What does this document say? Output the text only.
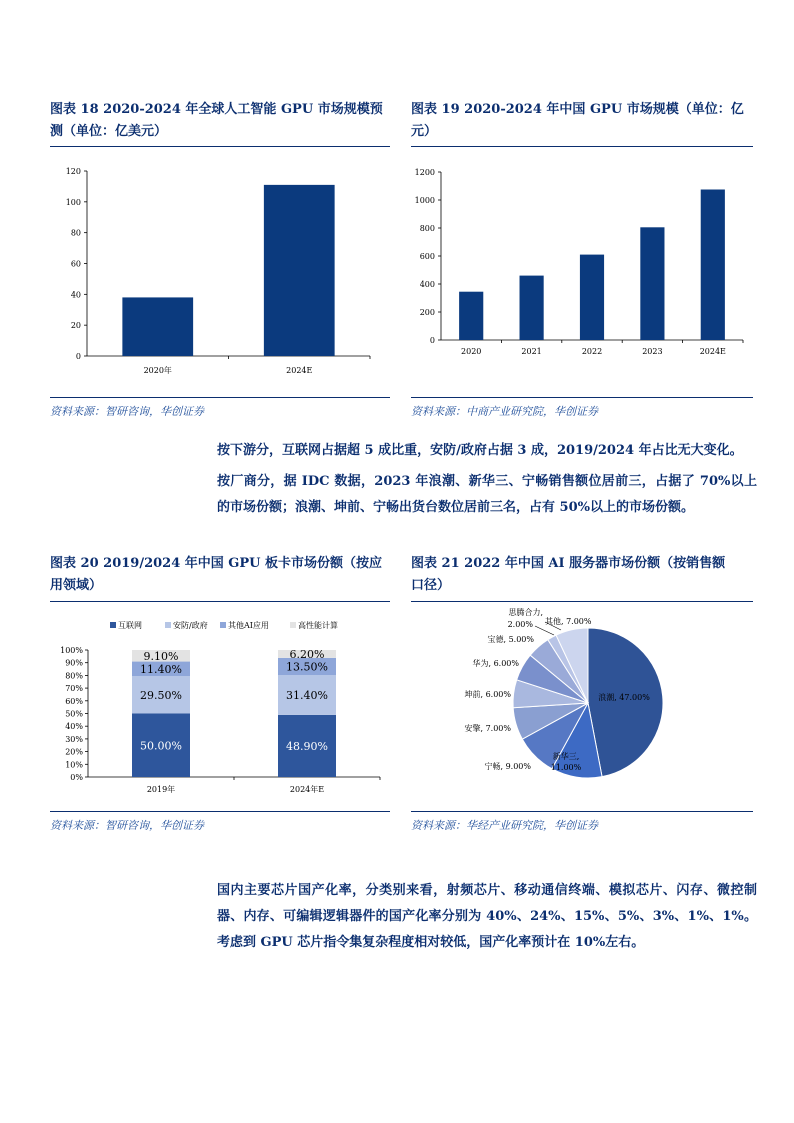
图表 18 2020-2024 年全球人工智能 GPU 市场规模预
测（单位：亿美元）
0
20
40
60
80
100
120
2020年	2024E
资料来源：智研咨询，华创证券
图表 19 2020-2024 年中国 GPU 市场规模（单位：亿
元）
0
200
400
600
800
1000
1200
2020	2021	2022	2023	2024E
资料来源：中商产业研究院，华创证券
按下游分，互联网占据超 5 成比重，安防/政府占据 3 成，2019/2024 年占比无大变化。
按厂商分，据 IDC 数据，2023 年浪潮、新华三、宁畅销售额位居前三，占据了 70%以上的市场份额；浪潮、坤前、宁畅出货台数位居前三名，占有 50%以上的市场份额。
图表 20 2019/2024 年中国 GPU 板卡市场份额（按应
用领域）
互联网	安防/政府	其他AI应用	高性能计算
0%
10%
20%
30%
40%
50%
60%
70%
80%
90%
100%
50.00%
29.50%
11.40%
9.10%
2019年
48.90%
31.40%
13.50%
6.20%
2024年E
资料来源：智研咨询，华创证券
图表 21 2022 年中国 AI 服务器市场份额（按销售额
口径）
浪潮, 47.00%
新华三,
11.00%
宁畅, 9.00%
安擎, 7.00%
坤前, 6.00%
华为, 6.00%
宝德, 5.00%
思腾合力,
2.00% 其他, 7.00%
资料来源：华经产业研究院，华创证券
国内主要芯片国产化率，分类别来看，射频芯片、移动通信终端、模拟芯片、闪存、微控制器、内存、可编辑逻辑器件的国产化率分别为 40%、24%、15%、5%、3%、1%、1%。考虑到 GPU 芯片指令集复杂程度相对较低，国产化率预计在 10%左右。
